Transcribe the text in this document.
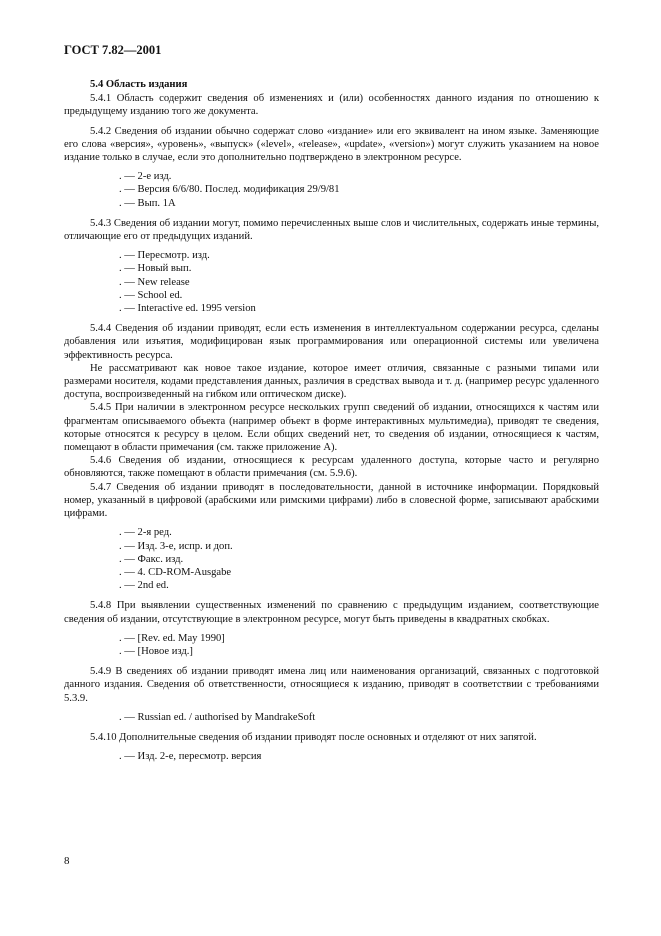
ГОСТ 7.82—2001
5.4 Область издания

5.4.1 Область содержит сведения об изменениях и (или) особенностях данного издания по отношению к предыдущему изданию того же документа.

5.4.2 Сведения об издании обычно содержат слово «издание» или его эквивалент на ином языке. Заменяющие его слова «версия», «уровень», «выпуск» («level», «release», «update», «version») могут служить указанием на новое издание только в случае, если это дополнительно подтверждено в электронном ресурсе.

. — 2-е изд.
. — Версия 6/6/80. Послед. модификация 29/9/81
. — Вып. 1А

5.4.3 Сведения об издании могут, помимо перечисленных выше слов и числительных, содержать иные термины, отличающие его от предыдущих изданий.

. — Пересмотр. изд.
. — Новый вып.
. — New release
. — School ed.
. — Interactive ed. 1995 version

5.4.4 Сведения об издании приводят, если есть изменения в интеллектуальном содержании ресурса, сделаны добавления или изъятия, модифицирован язык программирования или операционной системы или увеличена эффективность ресурса.

Не рассматривают как новое такое издание, которое имеет отличия, связанные с разными типами или размерами носителя, кодами представления данных, различия в средствах вывода и т. д. (например ресурс удаленного доступа, воспроизведенный на гибком или оптическом диске).

5.4.5 При наличии в электронном ресурсе нескольких групп сведений об издании, относящихся к частям или фрагментам описываемого объекта (например объект в форме интерактивных мультимедиа), приводят те сведения, которые относятся к ресурсу в целом. Если общих сведений нет, то сведения об издании, относящиеся к частям, помещают в области примечания (см. также приложение А).

5.4.6 Сведения об издании, относящиеся к ресурсам удаленного доступа, которые часто и регулярно обновляются, также помещают в области примечания (см. 5.9.6).

5.4.7 Сведения об издании приводят в последовательности, данной в источнике информации. Порядковый номер, указанный в цифровой (арабскими или римскими цифрами) либо в словесной форме, записывают арабскими цифрами.

. — 2-я ред.
. — Изд. 3-е, испр. и доп.
. — Факс. изд.
. — 4. CD-ROM-Ausgabe
. — 2nd ed.

5.4.8 При выявлении существенных изменений по сравнению с предыдущим изданием, соответствующие сведения об издании, отсутствующие в электронном ресурсе, могут быть приведены в квадратных скобках.

. — [Rev. ed. May 1990]
. — [Новое изд.]

5.4.9 В сведениях об издании приводят имена лиц или наименования организаций, связанных с подготовкой данного издания. Сведения об ответственности, относящиеся к изданию, приводят в соответствии с требованиями 5.3.9.

. — Russian ed. / authorised by MandrakeSoft

5.4.10 Дополнительные сведения об издании приводят после основных и отделяют от них запятой.

. — Изд. 2-е, пересмотр. версия
8
